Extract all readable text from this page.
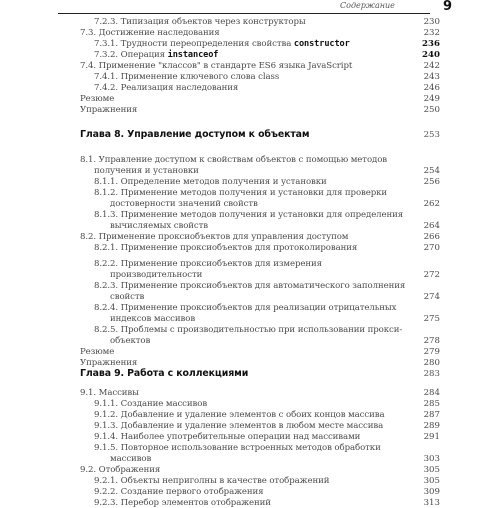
Содержание	9
7.2.3. Типизация объектов через конструкторы	230
7.3. Достижение наследования	232
7.3.1. Трудности переопределения свойства constructor	236
7.3.2. Операция instanceof	240
7.4. Применение "классов" в стандарте ES6 языка JavaScript	242
7.4.1. Применение ключевого слова class	243
7.4.2. Реализация наследования	246
Резюме	249
Упражнения	250
Глава 8. Управление доступом к объектам	253
8.1. Управление доступом к свойствам объектов с помощью методов
получения и установки	254
8.1.1. Определение методов получения и установки	256
8.1.2. Применение методов получения и установки для проверки
достоверности значений свойств	262
8.1.3. Применение методов получения и установки для определения
вычисляемых свойств	264
8.2. Применение проксиобъектов для управления доступом	266
8.2.1. Применение проксиобъектов для протоколирования	270
8.2.2. Применение проксиобъектов для измерения
производительности	272
8.2.3. Применение проксиобъектов для автоматического заполнения
свойств	274
8.2.4. Применение проксиобъектов для реализации отрицательных
индексов массивов	275
8.2.5. Проблемы с производительностью при использовании прокси-
объектов	278
Резюме	279
Упражнения	280
Глава 9. Работа с коллекциями	283
9.1. Массивы	284
9.1.1. Создание массивов	285
9.1.2. Добавление и удаление элементов с обоих концов массива	287
9.1.3. Добавление и удаление элементов в любом месте массива	289
9.1.4. Наиболее употребительные операции над массивами	291
9.1.5. Повторное использование встроенных методов обработки
массивов	303
9.2. Отображения	305
9.2.1. Объекты неприголны в качестве отображений	305
9.2.2. Создание первого отображения	309
9.2.3. Перебор элементов отображений	313
